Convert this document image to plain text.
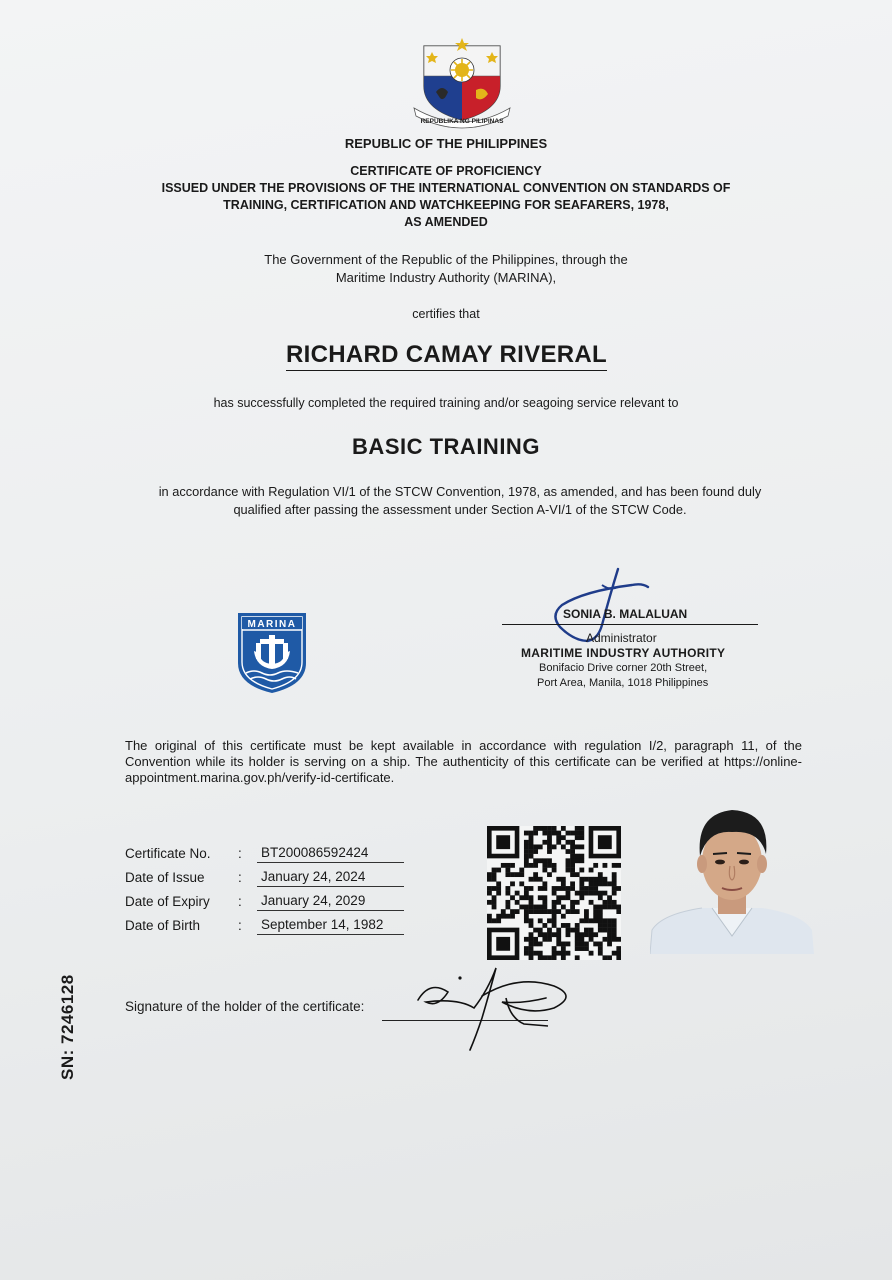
REPUBLIKA NG PILIPINAS
REPUBLIC OF THE PHILIPPINES
CERTIFICATE OF PROFICIENCY
ISSUED UNDER THE PROVISIONS OF THE INTERNATIONAL CONVENTION ON STANDARDS OF
TRAINING, CERTIFICATION AND WATCHKEEPING FOR SEAFARERS, 1978,
AS AMENDED
The Government of the Republic of the Philippines, through the
Maritime Industry Authority (MARINA),
certifies that
RICHARD CAMAY RIVERAL
has successfully completed the required training and/or seagoing service relevant to
BASIC TRAINING
in accordance with Regulation VI/1 of the STCW Convention, 1978, as amended, and has been found duly
qualified after passing the assessment under Section A-VI/1 of the STCW Code.
MARINA
SONIA B. MALALUAN
Administrator
MARITIME INDUSTRY AUTHORITY
Bonifacio Drive corner 20th Street,
Port Area, Manila, 1018 Philippines
The original of this certificate must be kept available in accordance with regulation I/2, paragraph 11, of the Convention while its holder is serving on a ship. The authenticity of this certificate can be verified at https://online-appointment.marina.gov.ph/verify-id-certificate.
Certificate No. : BT200086592424
Date of Issue : January 24, 2024
Date of Expiry : January 24, 2029
Date of Birth	: September 14, 1982
Signature of the holder of the certificate:
SN: 7246128
